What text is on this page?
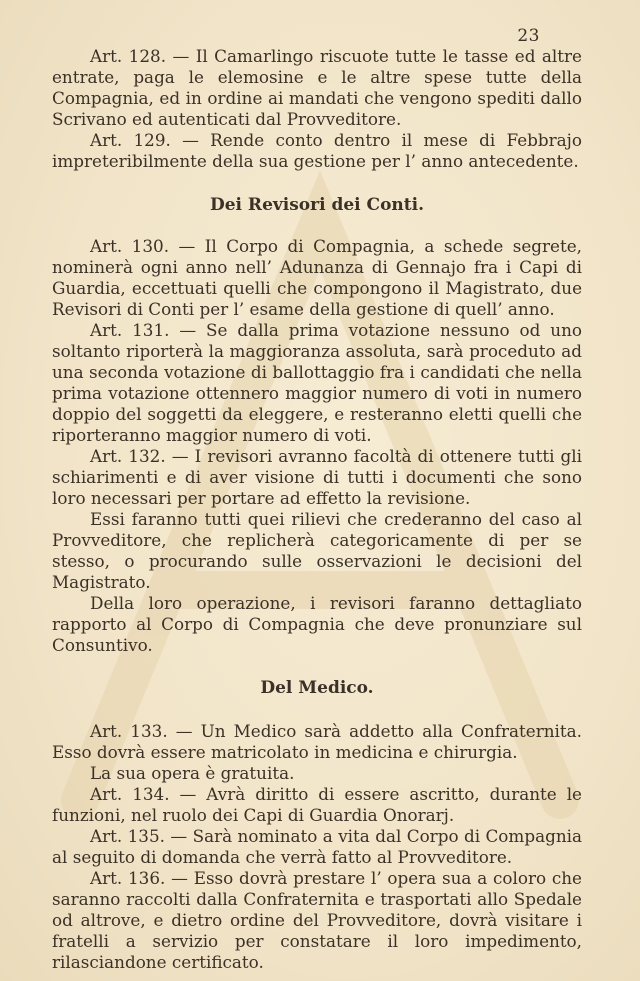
23

Art. 128. — Il Camarlingo riscuote tutte le tasse ed altre entrate, paga le elemosine e le altre spese tutte della Compagnia, ed in ordine ai mandati che vengono spediti dallo Scrivano ed autenticati dal Provveditore.

Art. 129. — Rende conto dentro il mese di Febbrajo impreteribilmente della sua gestione per l’ anno antecedente.

Dei Revisori dei Conti.

Art. 130. — Il Corpo di Compagnia, a schede segrete, nominerà ogni anno nell’ Adunanza di Gennajo fra i Capi di Guardia, eccettuati quelli che compongono il Magistrato, due Revisori di Conti per l’ esame della gestione di quell’ anno.

Art. 131. — Se dalla prima votazione nessuno od uno soltanto riporterà la maggioranza assoluta, sarà proceduto ad una seconda votazione di ballottaggio fra i candidati che nella prima votazione ottennero maggior numero di voti in numero doppio del soggetti da eleggere, e resteranno eletti quelli che riporteranno maggior numero di voti.

Art. 132. — I revisori avranno facoltà di ottenere tutti gli schiarimenti e di aver visione di tutti i documenti che sono loro necessari per portare ad effetto la revisione.

Essi faranno tutti quei rilievi che crederanno del caso al Provveditore, che replicherà categoricamente di per se stesso, o procurando sulle osservazioni le decisioni del Magistrato.

Della loro operazione, i revisori faranno dettagliato rapporto al Corpo di Compagnia che deve pronunziare sul Consuntivo.

Del Medico.

Art. 133. — Un Medico sarà addetto alla Confraternita. Esso dovrà essere matricolato in medicina e chirurgia.

La sua opera è gratuita.

Art. 134. — Avrà diritto di essere ascritto, durante le funzioni, nel ruolo dei Capi di Guardia Onorarj.

Art. 135. — Sarà nominato a vita dal Corpo di Compagnia al seguito di domanda che verrà fatto al Provveditore.

Art. 136. — Esso dovrà prestare l’ opera sua a coloro che saranno raccolti dalla Confraternita e trasportati allo Spedale od altrove, e dietro ordine del Provveditore, dovrà visitare i fratelli a servizio per constatare il loro impedimento, rilasciandone certificato.
